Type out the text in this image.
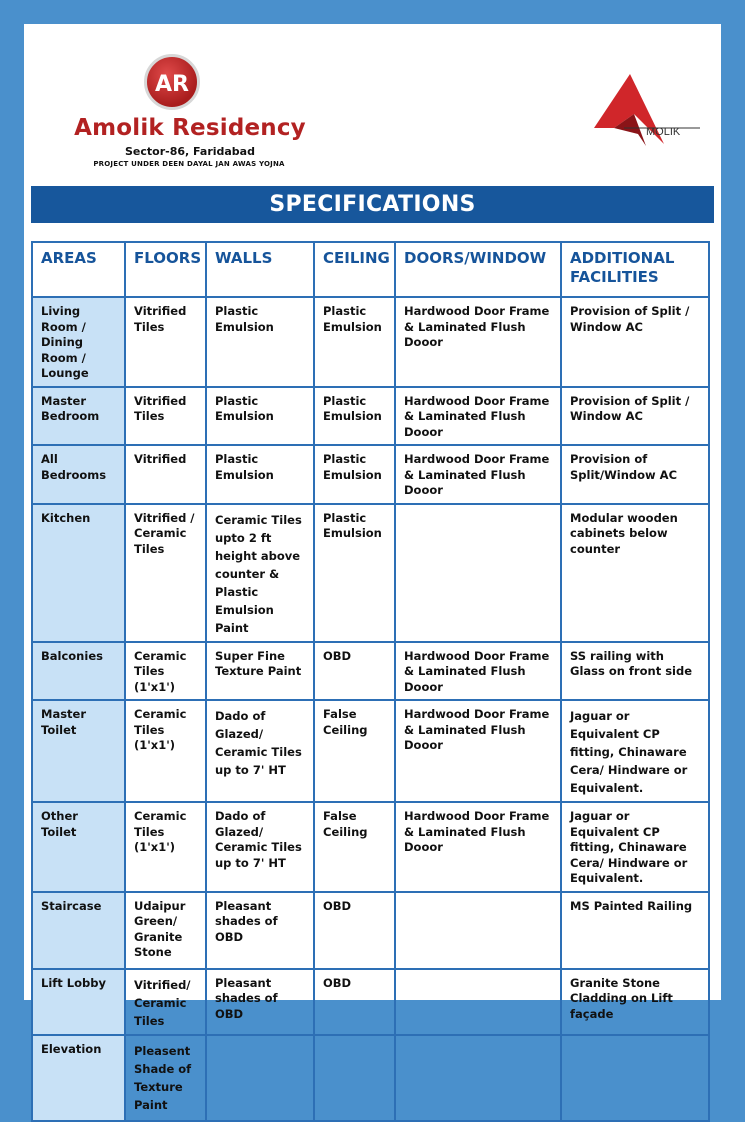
AR
Amolik Residency
Sector-86, Faridabad
PROJECT UNDER DEEN DAYAL JAN AWAS YOJNA
MOLIK
SPECIFICATIONS
AREAS	FLOORS	WALLS	CEILING	DOORS/WINDOW	ADDITIONAL FACILITIES
Living Room / Dining Room / Lounge	Vitrified Tiles	Plastic Emulsion	Plastic Emulsion	Hardwood Door Frame & Laminated Flush Dooor	Provision of Split / Window AC
Master Bedroom	Vitrified Tiles	Plastic Emulsion	Plastic Emulsion	Hardwood Door Frame & Laminated Flush Dooor	Provision of Split / Window AC
All Bedrooms	Vitrified	Plastic Emulsion	Plastic Emulsion	Hardwood Door Frame & Laminated Flush Dooor	Provision of Split/Window AC
Kitchen	Vitrified / Ceramic Tiles	Ceramic Tiles upto 2 ft height above counter & Plastic Emulsion Paint	Plastic Emulsion		Modular wooden cabinets below counter
Balconies	Ceramic Tiles (1'x1')	Super Fine Texture Paint	OBD	Hardwood Door Frame & Laminated Flush Dooor	SS railing with Glass on front side
Master Toilet	Ceramic Tiles (1'x1')	Dado of Glazed/ Ceramic Tiles up to 7' HT	False Ceiling	Hardwood Door Frame & Laminated Flush Dooor	Jaguar or Equivalent CP fitting, Chinaware Cera/ Hindware or Equivalent.
Other Toilet	Ceramic Tiles (1'x1')	Dado of Glazed/ Ceramic Tiles up to 7' HT	False Ceiling	Hardwood Door Frame & Laminated Flush Dooor	Jaguar or Equivalent CP fitting, Chinaware Cera/ Hindware or Equivalent.
Staircase	Udaipur Green/ Granite Stone	Pleasant shades of OBD	OBD		MS Painted Railing
Lift Lobby	Vitrified/ Ceramic Tiles	Pleasant shades of OBD	OBD		Granite Stone Cladding on Lift façade
Elevation	Pleasent Shade of Texture Paint				
